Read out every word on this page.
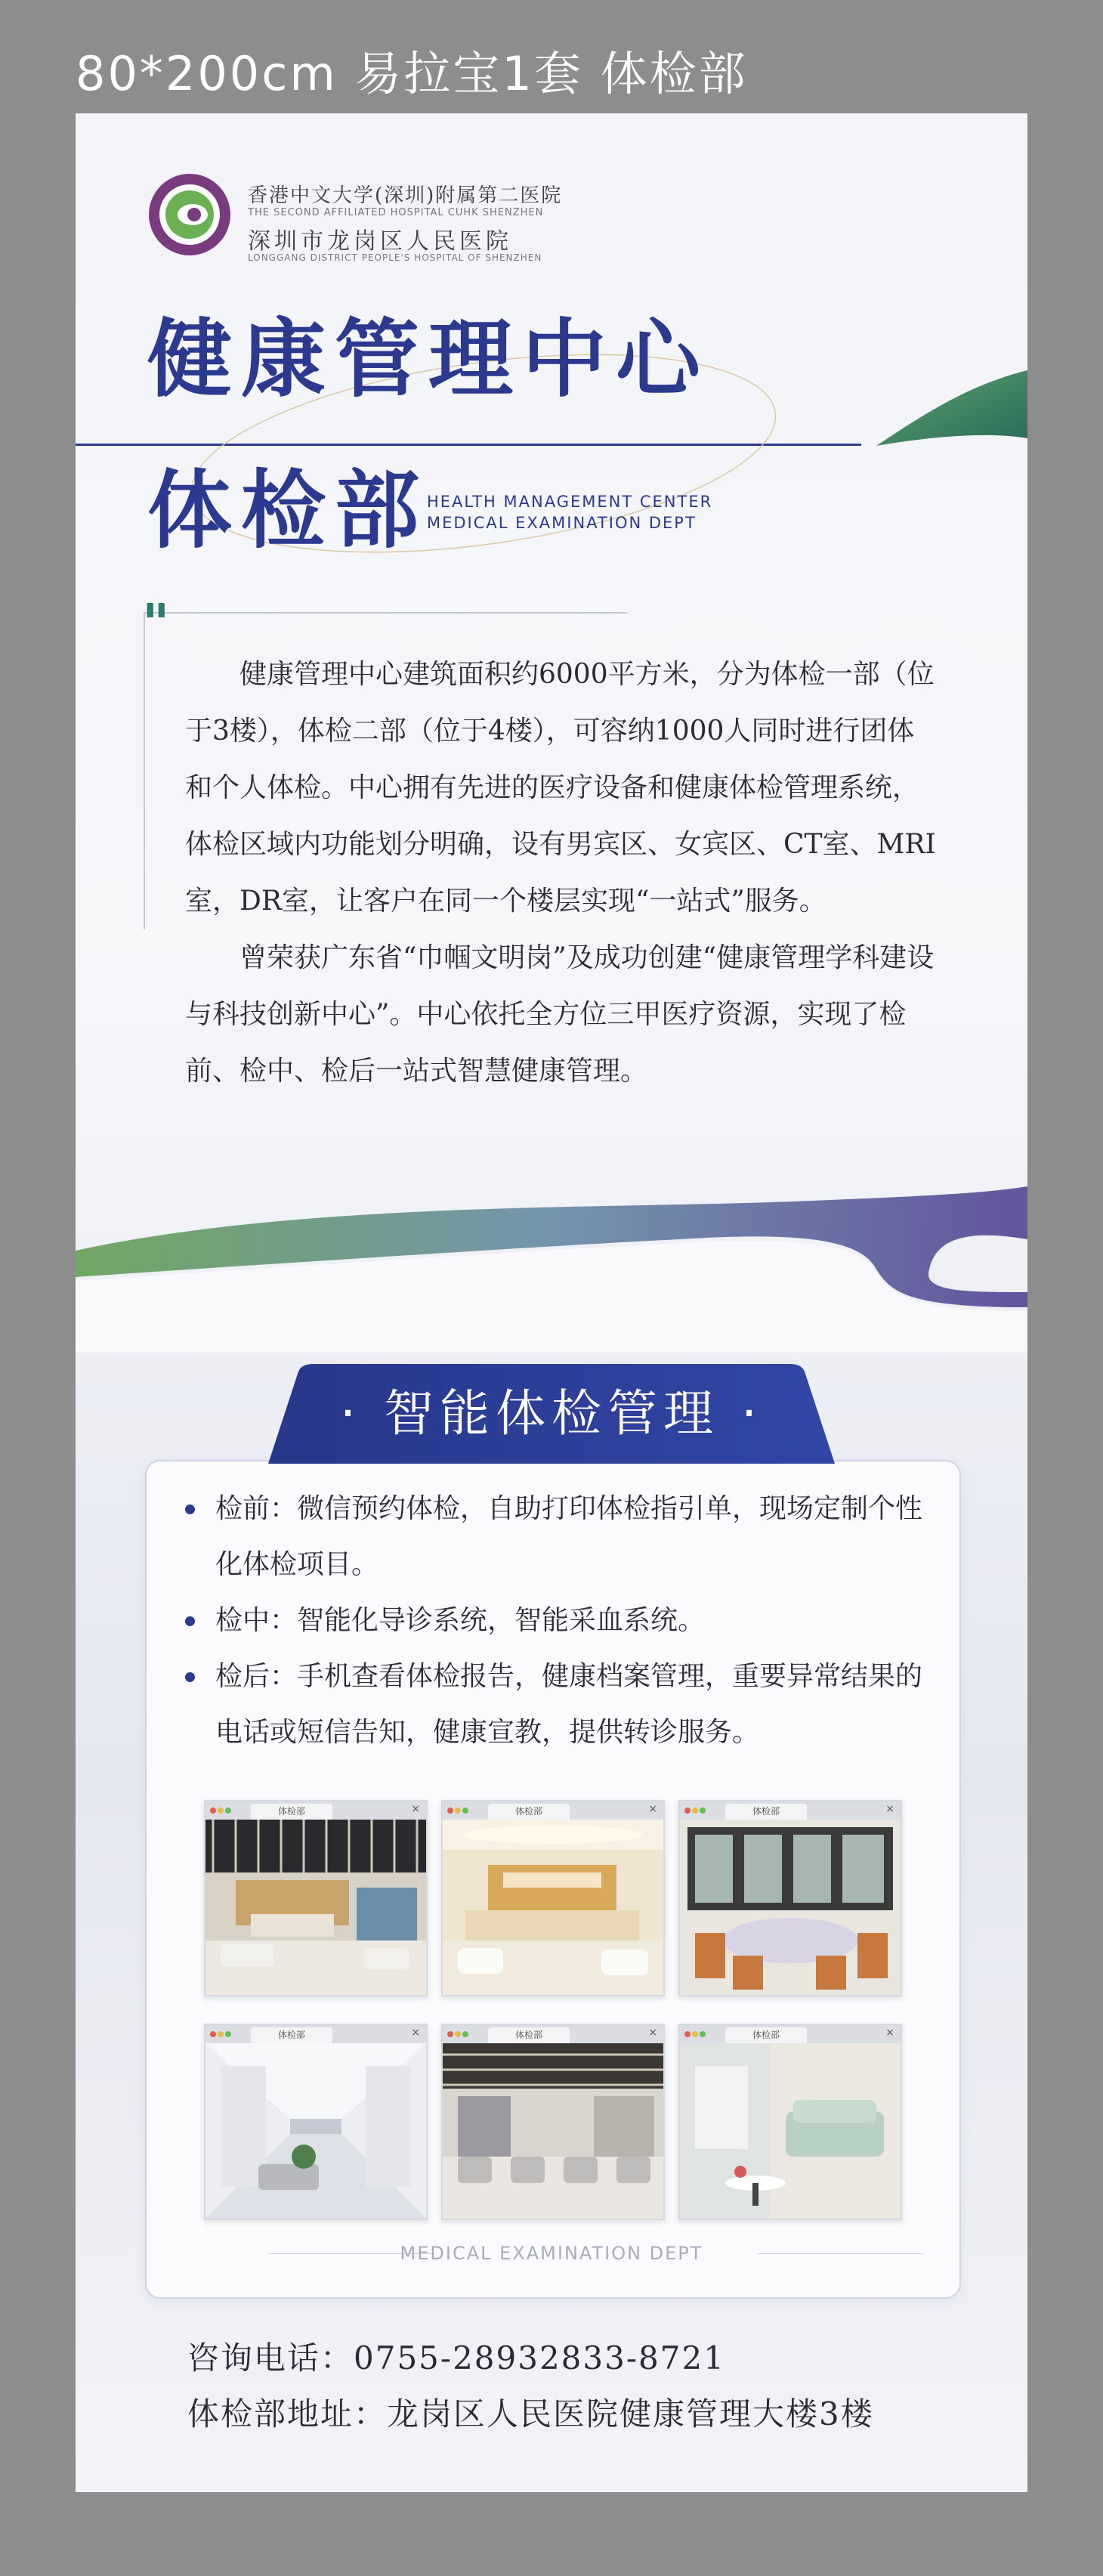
80*200cm 易拉宝1套 体检部
香港中文大学(深圳)附属第二医院
THE SECOND AFFILIATED HOSPITAL CUHK SHENZHEN
深圳市龙岗区人民医院
LONGGANG DISTRICT PEOPLE'S HOSPITAL OF SHENZHEN
健康管理中心
体检部
HEALTH MANAGEMENT CENTER
MEDICAL EXAMINATION DEPT
"

健康管理中心建筑面积约6000平方米，分为体检一部（位于3楼），体检二部（位于4楼），可容纳1000人同时进行团体和个人体检。中心拥有先进的医疗设备和健康体检管理系统，体检区域内功能划分明确，设有男宾区、女宾区、CT室、MRI室，DR室，让客户在同一个楼层实现“一站式”服务。

曾荣获广东省“巾帼文明岗”及成功创建“健康管理学科建设与科技创新中心”。中心依托全方位三甲医疗资源，实现了检前、检中、检后一站式智慧健康管理。

· 智能体检管理 ·
检前：微信预约体检，自助打印体检指引单，现场定制个性化体检项目。
检中：智能化导诊系统，智能采血系统。
检后：手机查看体检报告，健康档案管理，重要异常结果的电话或短信告知，健康宣教，提供转诊服务。
体检部	×	体检部	×	体检部	×
体检部	×	体检部	×	体检部	×
MEDICAL EXAMINATION DEPT
咨询电话：0755-28932833-8721
体检部地址：龙岗区人民医院健康管理大楼3楼
